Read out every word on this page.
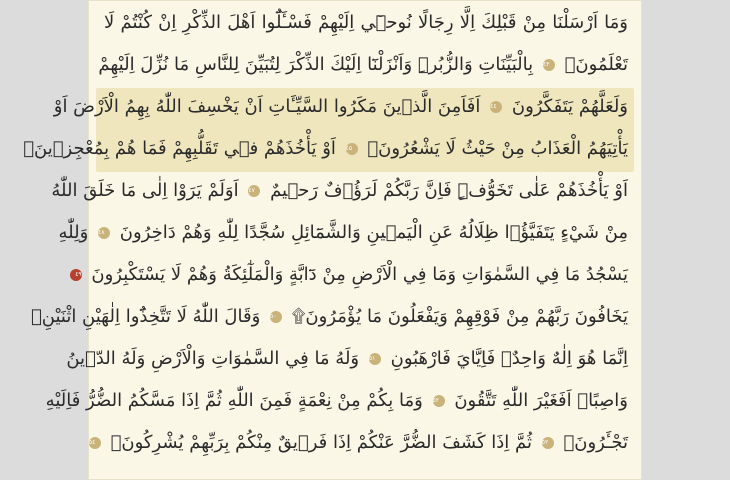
وَمَا اَرْسَلْنَا مِنْ قَبْلِكَ اِلَّا رِجَالًا نُوح۪ٓي اِلَيْهِمْ فَسْـَٔلُٓوا اَهْلَ الذِّكْرِ اِنْ كُنْتُمْ لَا
تَعْلَمُونَۙ ٤٣ بِالْبَيِّنَاتِ وَالزُّبُرِۜ وَاَنْزَلْنَٓا اِلَيْكَ الذِّكْرَ لِتُبَيِّنَ لِلنَّاسِ مَا نُزِّلَ اِلَيْهِمْ
وَلَعَلَّهُمْ يَتَفَكَّرُونَ ٤٤ اَفَاَمِنَ الَّذ۪ينَ مَكَرُوا السَّيِّـَٔاتِ اَنْ يَخْسِفَ اللّٰهُ بِهِمُ الْاَرْضَ اَوْ
يَأْتِيَهُمُ الْعَذَابُ مِنْ حَيْثُ لَا يَشْعُرُونَۙ ٤٥ اَوْ يَأْخُذَهُمْ ف۪ي تَقَلُّبِهِمْ فَمَا هُمْ بِمُعْجِز۪ينَۙ
اَوْ يَأْخُذَهُمْ عَلٰى تَخَوُّفٍۜ فَاِنَّ رَبَّكُمْ لَرَؤُ۫فٌ رَح۪يمٌ ٤٧ اَوَلَمْ يَرَوْا اِلٰى مَا خَلَقَ اللّٰهُ
مِنْ شَيْءٍ يَتَفَيَّؤُ۬ا ظِلَالُهُ عَنِ الْيَم۪ينِ وَالشَّمَٓائِلِ سُجَّدًا لِلّٰهِ وَهُمْ دَاخِرُونَ ٤٨ وَلِلّٰهِ
يَسْجُدُ مَا فِي السَّمٰوَاتِ وَمَا فِي الْاَرْضِ مِنْ دَٓابَّةٍ وَالْمَلٰٓئِكَةُ وَهُمْ لَا يَسْتَكْبِرُونَ ٤٩
يَخَافُونَ رَبَّهُمْ مِنْ فَوْقِهِمْ وَيَفْعَلُونَ مَا يُؤْمَرُونَ۩ ٥٠ وَقَالَ اللّٰهُ لَا تَتَّخِذُٓوا اِلٰهَيْنِ اثْنَيْنِۚ
اِنَّمَا هُوَ اِلٰهٌ وَاحِدٌۚ فَاِيَّايَ فَارْهَبُونِ ٥١ وَلَهُ مَا فِي السَّمٰوَاتِ وَالْاَرْضِ وَلَهُ الدّ۪ينُ
وَاصِبًاۜ اَفَغَيْرَ اللّٰهِ تَتَّقُونَ ٥٢ وَمَا بِكُمْ مِنْ نِعْمَةٍ فَمِنَ اللّٰهِ ثُمَّ اِذَا مَسَّكُمُ الضُّرُّ فَاِلَيْهِ
تَجْـَٔرُونَۚ ٥٣ ثُمَّ اِذَا كَشَفَ الضُّرَّ عَنْكُمْ اِذَا فَر۪يقٌ مِنْكُمْ بِرَبِّهِمْ يُشْرِكُونَۙ ٥٤
